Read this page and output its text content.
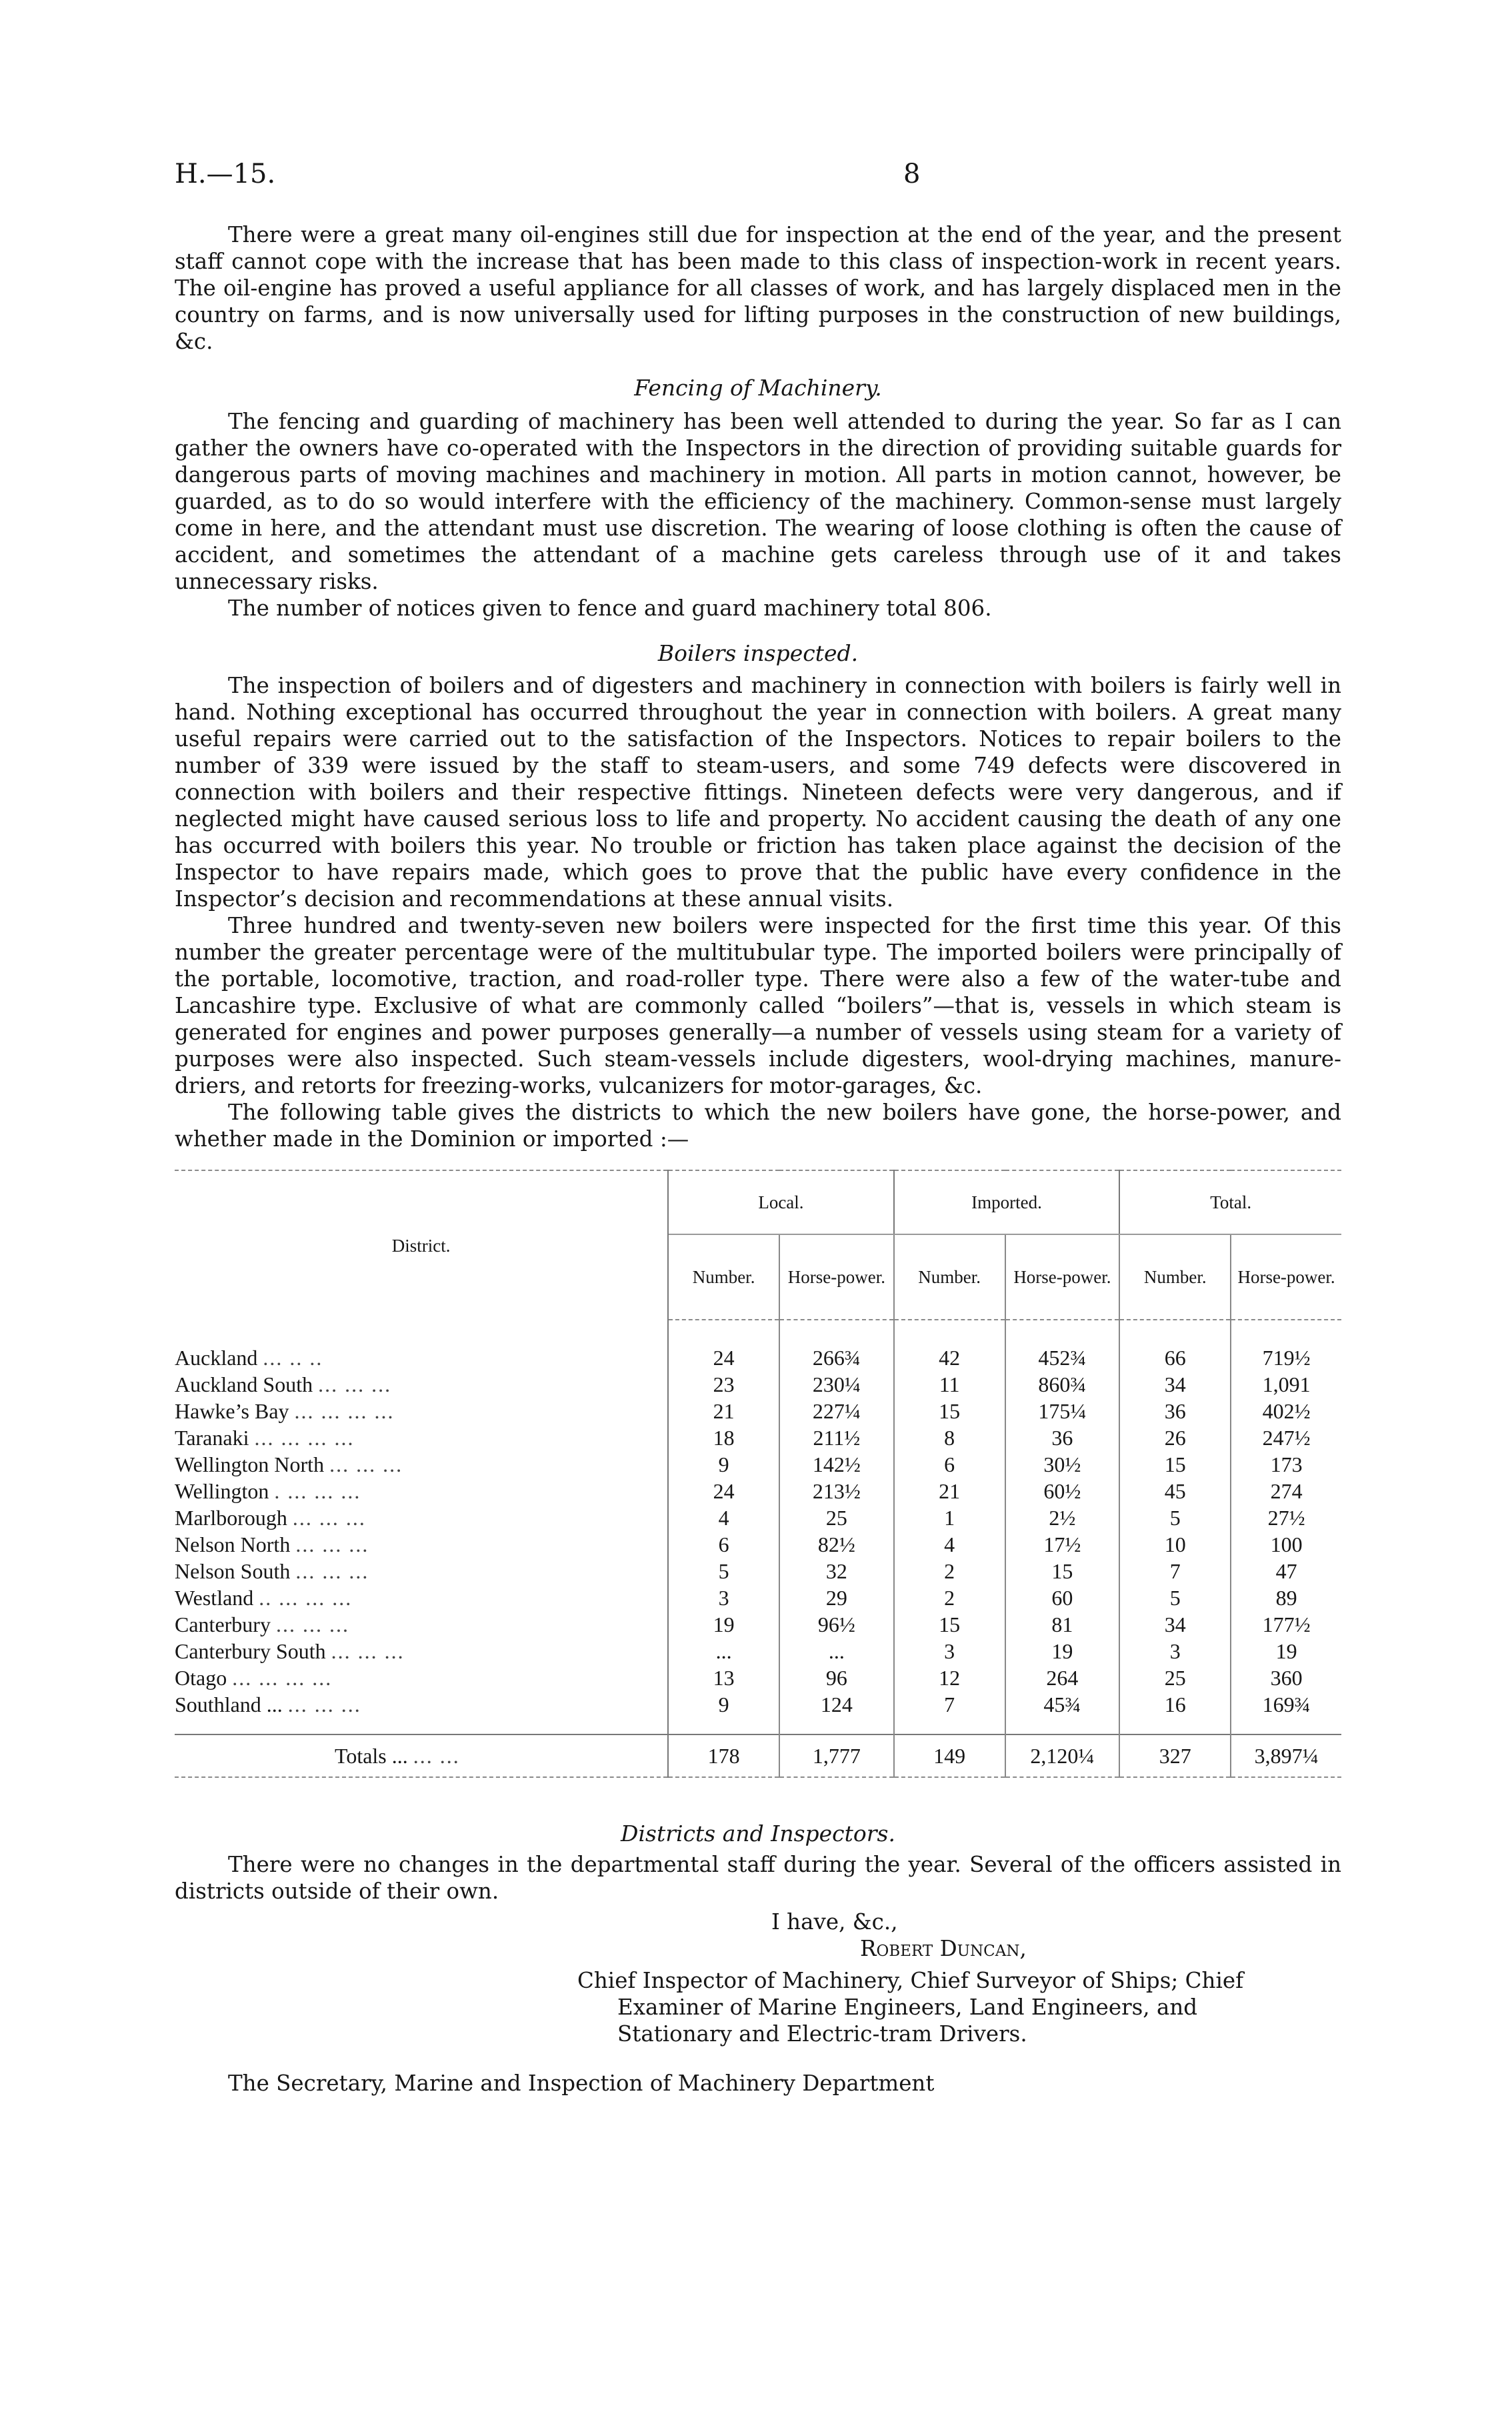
H.—15.	8

There were a great many oil-engines still due for inspection at the end of the year, and the present staff cannot cope with the increase that has been made to this class of inspection-work in recent years. The oil-engine has proved a useful appliance for all classes of work, and has largely displaced men in the country on farms, and is now universally used for lifting purposes in the construction of new buildings, &c.

Fencing of Machinery.

The fencing and guarding of machinery has been well attended to during the year. So far as I can gather the owners have co-operated with the Inspectors in the direction of providing suitable guards for dangerous parts of moving machines and machinery in motion. All parts in motion cannot, however, be guarded, as to do so would interfere with the efficiency of the machinery. Common-sense must largely come in here, and the attendant must use discretion. The wearing of loose clothing is often the cause of accident, and sometimes the attendant of a machine gets careless through use of it and takes unnecessary risks.

The number of notices given to fence and guard machinery total 806.

Boilers inspected.

The inspection of boilers and of digesters and machinery in connection with boilers is fairly well in hand. Nothing exceptional has occurred throughout the year in connection with boilers. A great many useful repairs were carried out to the satisfaction of the Inspectors. Notices to repair boilers to the number of 339 were issued by the staff to steam-users, and some 749 defects were discovered in connection with boilers and their respective fittings. Nineteen defects were very dangerous, and if neglected might have caused serious loss to life and property. No accident causing the death of any one has occurred with boilers this year. No trouble or friction has taken place against the decision of the Inspector to have repairs made, which goes to prove that the public have every confidence in the Inspector’s decision and recommendations at these annual visits.

Three hundred and twenty-seven new boilers were inspected for the first time this year. Of this number the greater percentage were of the multitubular type. The imported boilers were principally of the portable, locomotive, traction, and road-roller type. There were also a few of the water-tube and Lancashire type. Exclusive of what are commonly called “boilers”—that is, vessels in which steam is generated for engines and power purposes generally—a number of vessels using steam for a variety of purposes were also inspected. Such steam-vessels include digesters, wool-drying machines, manure-driers, and retorts for freezing-works, vulcanizers for motor-garages, &c.

The following table gives the districts to which the new boilers have gone, the horse-power, and whether made in the Dominion or imported :—

District.	Local.		Imported.		Total.	
	Number.	Horse-power.	Number.	Horse-power.	Number.	Horse-power.
Auckland ... .. ..	24	266¾	42	452¾	66	719½
Auckland South ... ... ...	23	230¼	11	860¾	34	1,091
Hawke’s Bay ... ... ... ...	21	227¼	15	175¼	36	402½
Taranaki ... ... ... ...	18	211½	8	36	26	247½
Wellington North ... ... ...	9	142½	6	30½	15	173
Wellington . ... ... ...	24	213½	21	60½	45	274
Marlborough ... ... ...	4	25	1	2½	5	27½
Nelson North ... ... ...	6	82½	4	17½	10	100
Nelson South ... ... ...	5	32	2	15	7	47
Westland .. ... ... ...	3	29	2	60	5	89
Canterbury ... ... ...	19	96½	15	81	34	177½
Canterbury South ... ... ...	...	...	3	19	3	19
Otago ... ... ... ...	13	96	12	264	25	360
Southland ... ... ... ...	9	124	7	45¾	16	169¾
Totals ... ... ...	178	1,777	149	2,120¼	327	3,897¼
Districts and Inspectors.

There were no changes in the departmental staff during the year. Several of the officers assisted in districts outside of their own.

I have, &c.,
Robert Duncan,
Chief Inspector of Machinery, Chief Surveyor of Ships; Chief
Examiner of Marine Engineers, Land Engineers, and
Stationary and Electric-tram Drivers.

The Secretary, Marine and Inspection of Machinery Department
